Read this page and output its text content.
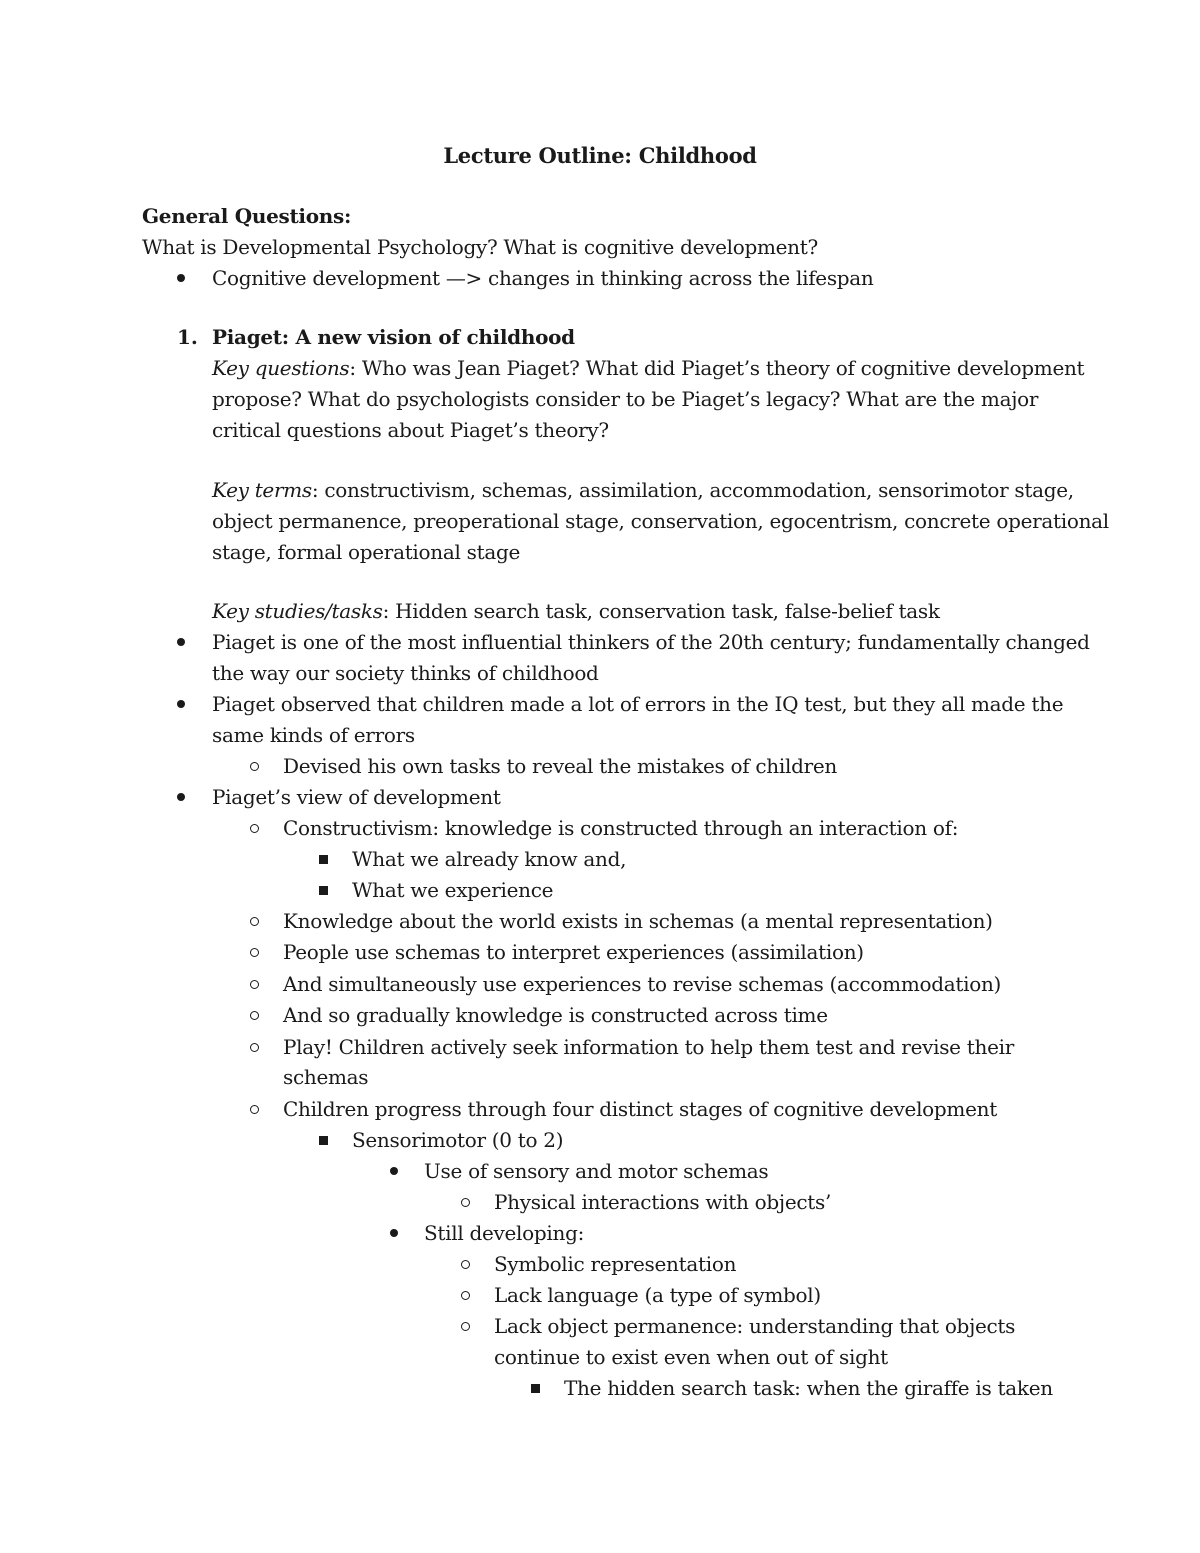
Lecture Outline: Childhood
General Questions:
What is Developmental Psychology? What is cognitive development?
Cognitive development —> changes in thinking across the lifespan
1. Piaget: A new vision of childhood
Key questions: Who was Jean Piaget? What did Piaget’s theory of cognitive development
propose? What do psychologists consider to be Piaget’s legacy? What are the major
critical questions about Piaget’s theory?
Key terms: constructivism, schemas, assimilation, accommodation, sensorimotor stage,
object permanence, preoperational stage, conservation, egocentrism, concrete operational
stage, formal operational stage
Key studies/tasks: Hidden search task, conservation task, false-belief task
Piaget is one of the most influential thinkers of the 20th century; fundamentally changed
the way our society thinks of childhood
Piaget observed that children made a lot of errors in the IQ test, but they all made the
same kinds of errors
Devised his own tasks to reveal the mistakes of children
Piaget’s view of development
Constructivism: knowledge is constructed through an interaction of:
What we already know and,
What we experience
Knowledge about the world exists in schemas (a mental representation)
People use schemas to interpret experiences (assimilation)
And simultaneously use experiences to revise schemas (accommodation)
And so gradually knowledge is constructed across time
Play! Children actively seek information to help them test and revise their
schemas
Children progress through four distinct stages of cognitive development
Sensorimotor (0 to 2)
Use of sensory and motor schemas
Physical interactions with objects’
Still developing:
Symbolic representation
Lack language (a type of symbol)
Lack object permanence: understanding that objects
continue to exist even when out of sight
The hidden search task: when the giraffe is taken
